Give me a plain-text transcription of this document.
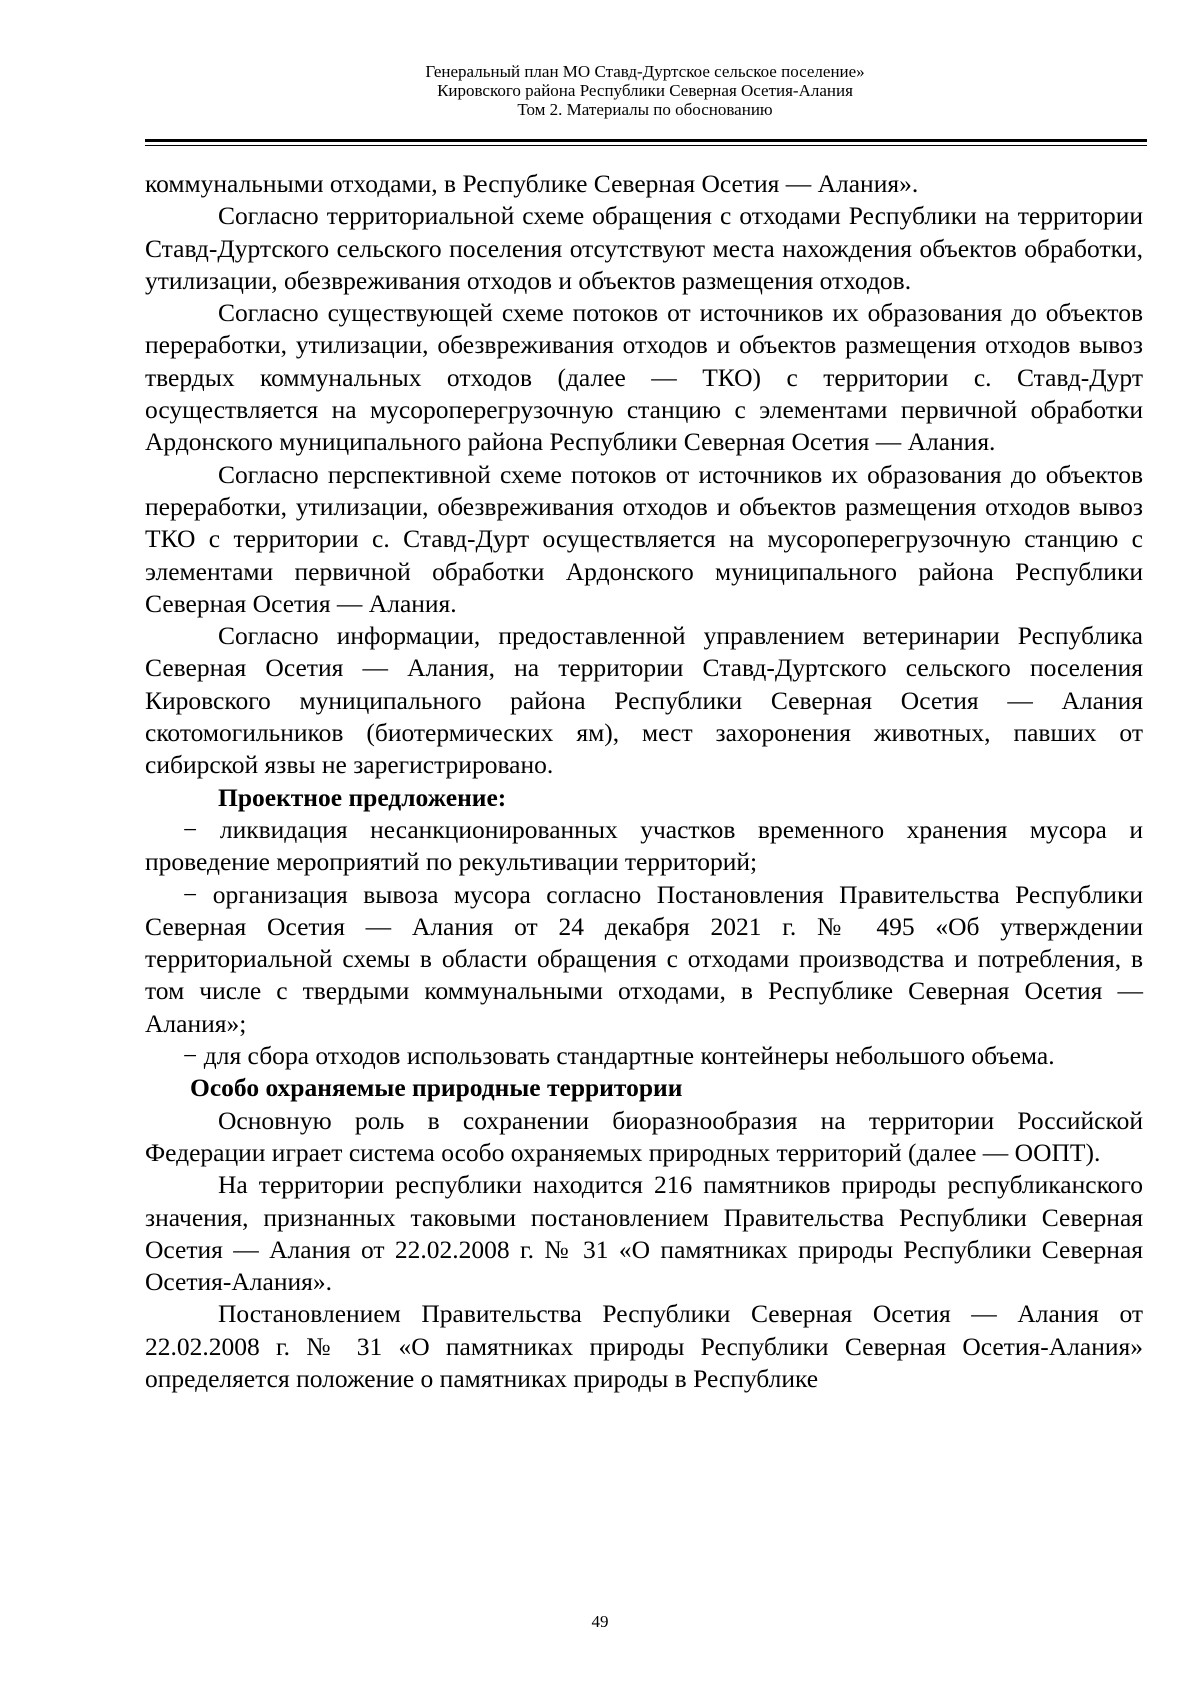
Генеральный план МО Ставд-Дуртское сельское поселение»
Кировского района Республики Северная Осетия-Алания
Том 2. Материалы по обоснованию

коммунальными отходами, в Республике Северная Осетия — Алания».

Согласно территориальной схеме обращения с отходами Республики на территории Ставд-Дуртского сельского поселения отсутствуют места нахождения объектов обработки, утилизации, обезвреживания отходов и объектов размещения отходов.

Согласно существующей схеме потоков от источников их образования до объектов переработки, утилизации, обезвреживания отходов и объектов размещения отходов вывоз твердых коммунальных отходов (далее — ТКО) с территории с. Ставд-Дурт осуществляется на мусороперегрузочную станцию с элементами первичной обработки Ардонского муниципального района Республики Северная Осетия — Алания.

Согласно перспективной схеме потоков от источников их образования до объектов переработки, утилизации, обезвреживания отходов и объектов размещения отходов вывоз ТКО с территории с. Ставд-Дурт осуществляется на мусороперегрузочную станцию с элементами первичной обработки Ардонского муниципального района Республики Северная Осетия — Алания.

Согласно информации, предоставленной управлением ветеринарии Республика Северная Осетия — Алания, на территории Ставд-Дуртского сельского поселения Кировского муниципального района Республики Северная Осетия — Алания скотомогильников (биотермических ям), мест захоронения животных, павших от сибирской язвы не зарегистрировано.

Проектное предложение:

− ликвидация несанкционированных участков временного хранения мусора и проведение мероприятий по рекультивации территорий;

− организация вывоза мусора согласно Постановления Правительства Республики Северная Осетия — Алания от 24 декабря 2021 г. № 495 «Об утверждении территориальной схемы в области обращения с отходами производства и потребления, в том числе с твердыми коммунальными отходами, в Республике Северная Осетия — Алания»;

− для сбора отходов использовать стандартные контейнеры небольшого объема.

Особо охраняемые природные территории

Основную роль в сохранении биоразнообразия на территории Российской Федерации играет система особо охраняемых природных территорий (далее — ООПТ).

На территории республики находится 216 памятников природы республиканского значения, признанных таковыми постановлением Правительства Республики Северная Осетия — Алания от 22.02.2008 г. № 31 «О памятниках природы Республики Северная Осетия-Алания».

Постановлением Правительства Республики Северная Осетия — Алания от 22.02.2008 г. № 31 «О памятниках природы Республики Северная Осетия-Алания» определяется положение о памятниках природы в Республике

49
